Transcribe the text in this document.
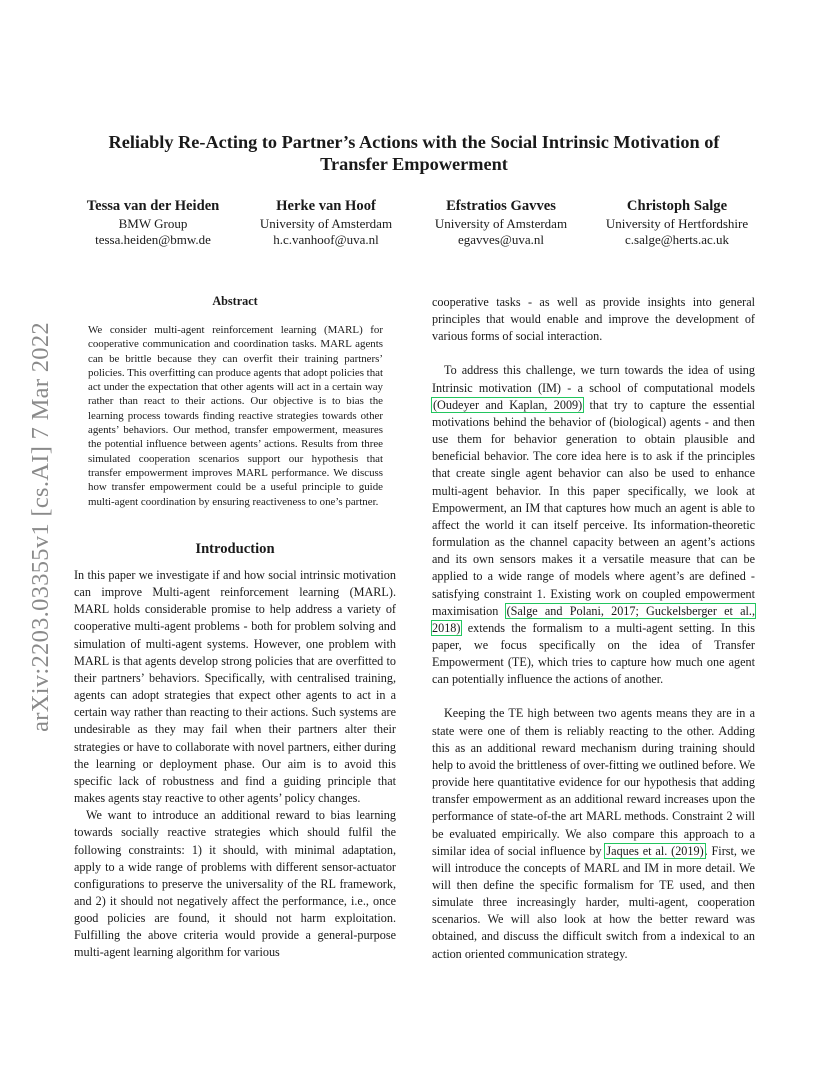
arXiv:2203.03355v1 [cs.AI] 7 Mar 2022
Reliably Re-Acting to Partner’s Actions with the Social Intrinsic Motivation of Transfer Empowerment
Tessa van der Heiden
BMW Group
tessa.heiden@bmw.de
Herke van Hoof
University of Amsterdam
h.c.vanhoof@uva.nl
Efstratios Gavves
University of Amsterdam
egavves@uva.nl
Christoph Salge
University of Hertfordshire
c.salge@herts.ac.uk
Abstract
We consider multi-agent reinforcement learning (MARL) for cooperative communication and coordination tasks. MARL agents can be brittle because they can overfit their training partners’ policies. This overfitting can produce agents that adopt policies that act under the expectation that other agents will act in a certain way rather than react to their actions. Our objective is to bias the learning process towards finding reactive strategies towards other agents’ behaviors. Our method, transfer empowerment, measures the potential influence between agents’ actions. Results from three simulated cooperation scenarios support our hypothesis that transfer empowerment improves MARL performance. We discuss how transfer empowerment could be a useful principle to guide multi-agent coordination by ensuring reactiveness to one’s partner.
Introduction

In this paper we investigate if and how social intrinsic motivation can improve Multi-agent reinforcement learning (MARL). MARL holds considerable promise to help address a variety of cooperative multi-agent problems - both for problem solving and simulation of multi-agent systems. However, one problem with MARL is that agents develop strong policies that are overfitted to their partners’ behaviors. Specifically, with centralised training, agents can adopt strategies that expect other agents to act in a certain way rather than reacting to their actions. Such systems are undesirable as they may fail when their partners alter their strategies or have to collaborate with novel partners, either during the learning or deployment phase. Our aim is to avoid this specific lack of robustness and find a guiding principle that makes agents stay reactive to other agents’ policy changes.

We want to introduce an additional reward to bias learning towards socially reactive strategies which should fulfil the following constraints: 1) it should, with minimal adaptation, apply to a wide range of problems with different sensor-actuator configurations to preserve the universality of the RL framework, and 2) it should not negatively affect the performance, i.e., once good policies are found, it should not harm exploitation. Fulfilling the above criteria would provide a general-purpose multi-agent learning algorithm for various

cooperative tasks - as well as provide insights into general principles that would enable and improve the development of various forms of social interaction.

To address this challenge, we turn towards the idea of using Intrinsic motivation (IM) - a school of computational models (Oudeyer and Kaplan, 2009) that try to capture the essential motivations behind the behavior of (biological) agents - and then use them for behavior generation to obtain plausible and beneficial behavior. The core idea here is to ask if the principles that create single agent behavior can also be used to enhance multi-agent behavior. In this paper specifically, we look at Empowerment, an IM that captures how much an agent is able to affect the world it can itself perceive. Its information-theoretic formulation as the channel capacity between an agent’s actions and its own sensors makes it a versatile measure that can be applied to a wide range of models where agent’s are defined - satisfying constraint 1. Existing work on coupled empowerment maximisation (Salge and Polani, 2017; Guckelsberger et al., 2018) extends the formalism to a multi-agent setting. In this paper, we focus specifically on the idea of Transfer Empowerment (TE), which tries to capture how much one agent can potentially influence the actions of another.

Keeping the TE high between two agents means they are in a state were one of them is reliably reacting to the other. Adding this as an additional reward mechanism during training should help to avoid the brittleness of over-fitting we outlined before. We provide here quantitative evidence for our hypothesis that adding transfer empowerment as an additional reward increases upon the performance of state-of-the art MARL methods. Constraint 2 will be evaluated empirically. We also compare this approach to a similar idea of social influence by Jaques et al. (2019). First, we will introduce the concepts of MARL and IM in more detail. We will then define the specific formalism for TE used, and then simulate three increasingly harder, multi-agent, cooperation scenarios. We will also look at how the better reward was obtained, and discuss the difficult switch from a indexical to an action oriented communication strategy.
